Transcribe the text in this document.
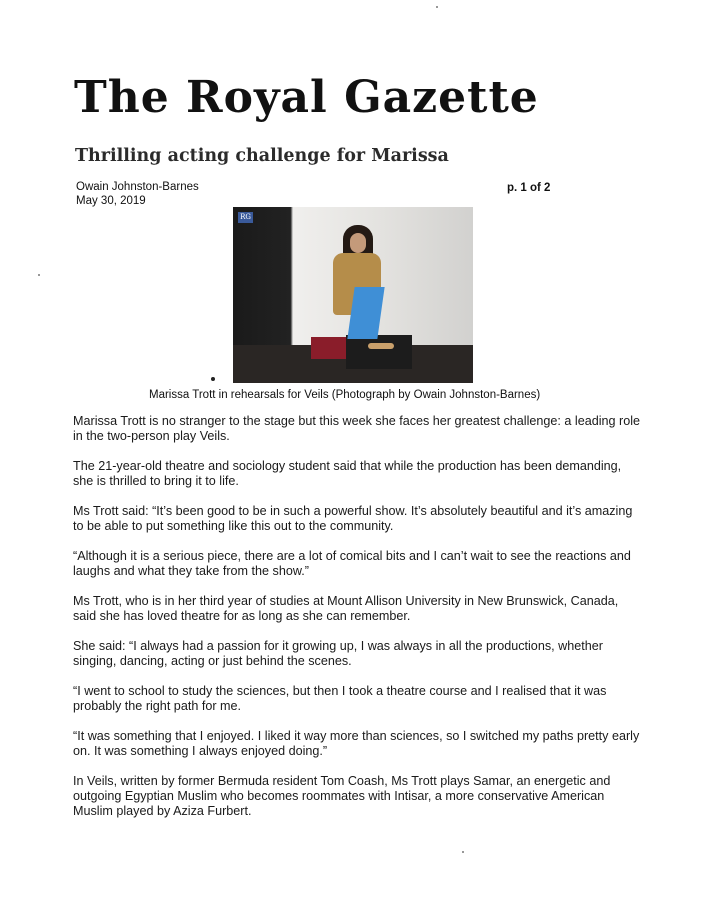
The Royal Gazette
Thrilling acting challenge for Marissa
Owain Johnston-Barnes
May 30, 2019
p. 1 of 2
RG
Marissa Trott in rehearsals for Veils (Photograph by Owain Johnston-Barnes)

Marissa Trott is no stranger to the stage but this week she faces her greatest challenge: a leading role in the two-person play Veils.

The 21-year-old theatre and sociology student said that while the production has been demanding, she is thrilled to bring it to life.

Ms Trott said: “It’s been good to be in such a powerful show. It’s absolutely beautiful and it’s amazing to be able to put something like this out to the community.

“Although it is a serious piece, there are a lot of comical bits and I can’t wait to see the reactions and laughs and what they take from the show.”

Ms Trott, who is in her third year of studies at Mount Allison University in New Brunswick, Canada, said she has loved theatre for as long as she can remember.

She said: “I always had a passion for it growing up, I was always in all the productions, whether singing, dancing, acting or just behind the scenes.

“I went to school to study the sciences, but then I took a theatre course and I realised that it was probably the right path for me.

“It was something that I enjoyed. I liked it way more than sciences, so I switched my paths pretty early on. It was something I always enjoyed doing.”

In Veils, written by former Bermuda resident Tom Coash, Ms Trott plays Samar, an energetic and outgoing Egyptian Muslim who becomes roommates with Intisar, a more conservative American Muslim played by Aziza Furbert.
